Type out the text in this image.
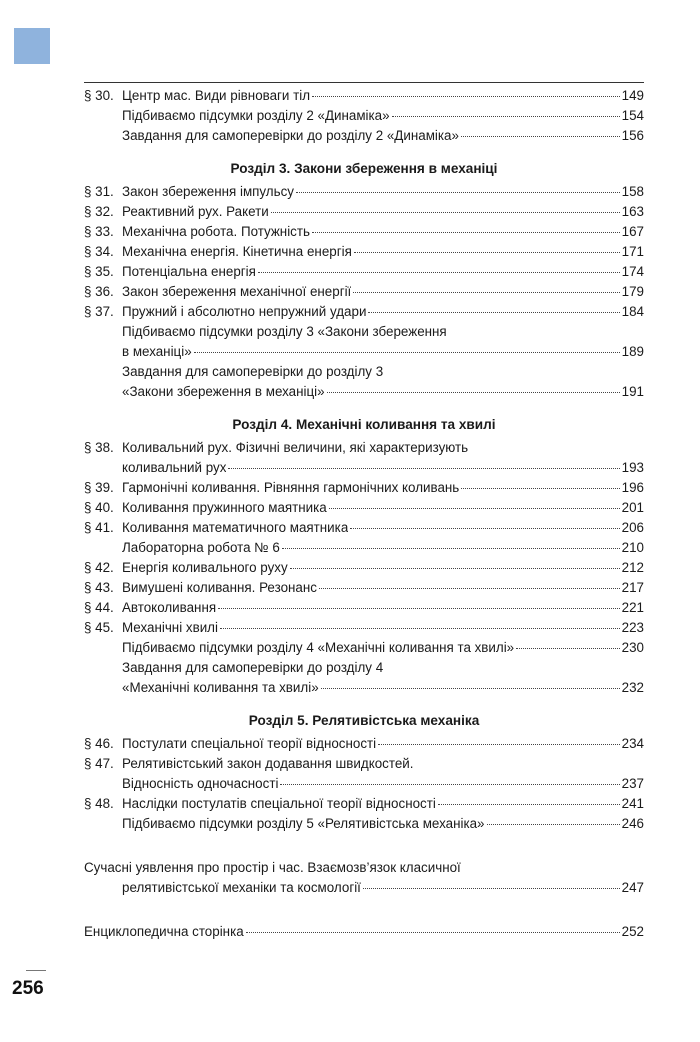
§ 30. Центр мас. Види рівноваги тіл	149
Підбиваємо підсумки розділу 2 «Динаміка»	154
Завдання для самоперевірки до розділу 2 «Динаміка»	156
Розділ 3. Закони збереження в механіці
§ 31. Закон збереження імпульсу	158
§ 32. Реактивний рух. Ракети	163
§ 33. Механічна робота. Потужність	167
§ 34. Механічна енергія. Кінетична енергія	171
§ 35. Потенціальна енергія	174
§ 36. Закон збереження механічної енергії	179
§ 37. Пружний і абсолютно непружний удари	184
Підбиваємо підсумки розділу 3 «Закони збереження
в механіці»	189
Завдання для самоперевірки до розділу 3
«Закони збереження в механіці»	191
Розділ 4. Механічні коливання та хвилі
§ 38. Коливальний рух. Фізичні величини, які характеризують
коливальний рух	193
§ 39. Гармонічні коливання. Рівняння гармонічних коливань	196
§ 40. Коливання пружинного маятника	201
§ 41. Коливання математичного маятника	206
Лабораторна робота № 6	210
§ 42. Енергія коливального руху	212
§ 43. Вимушені коливання. Резонанс	217
§ 44. Автоколивання	221
§ 45. Механічні хвилі	223
Підбиваємо підсумки розділу 4 «Механічні коливання та хвилі»	230
Завдання для самоперевірки до розділу 4
«Механічні коливання та хвилі»	232
Розділ 5. Релятивістська механіка
§ 46. Постулати спеціальної теорії відносності	234
§ 47. Релятивістський закон додавання швидкостей.
Відносність одночасності	237
§ 48. Наслідки постулатів спеціальної теорії відносності	241
Підбиваємо підсумки розділу 5 «Релятивістська механіка»	246
Сучасні уявлення про простір і час. Взаємозв’язок класичної
релятивістської механіки та космології	247
Енциклопедична сторінка	252
256
